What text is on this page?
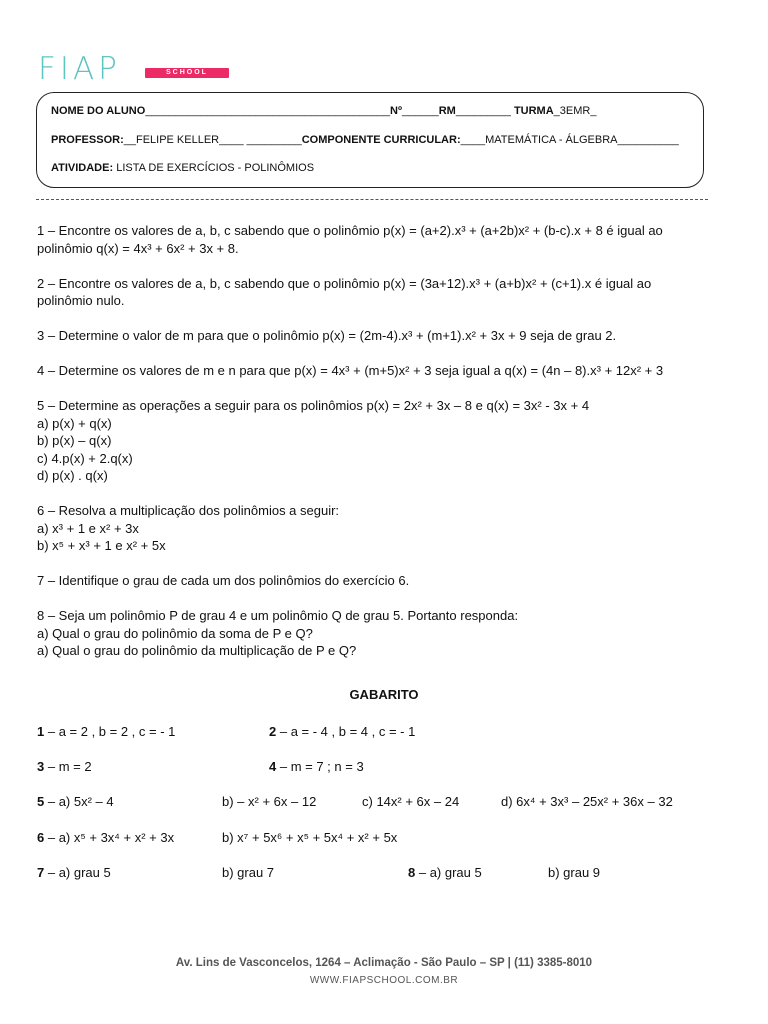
FIAP	SCHOOL
NOME DO ALUNO________________________________________Nº______RM_________ TURMA_3EMR_
PROFESSOR:__FELIPE KELLER____ _________COMPONENTE CURRICULAR:____MATEMÁTICA - ÁLGEBRA__________
ATIVIDADE: LISTA DE EXERCÍCIOS - POLINÔMIOS

1 – Encontre os valores de a, b, c sabendo que o polinômio p(x) = (a+2).x³ + (a+2b)x² + (b-c).x + 8 é igual ao

polinômio q(x) = 4x³ + 6x² + 3x + 8.

2 – Encontre os valores de a, b, c sabendo que o polinômio p(x) = (3a+12).x³ + (a+b)x² + (c+1).x é igual ao

polinômio nulo.

3 – Determine o valor de m para que o polinômio p(x) = (2m-4).x³ + (m+1).x² + 3x + 9 seja de grau 2.

4 – Determine os valores de m e n para que p(x) = 4x³ + (m+5)x² + 3 seja igual a q(x) = (4n – 8).x³ + 12x² + 3

5 – Determine as operações a seguir para os polinômios p(x) = 2x² + 3x – 8 e q(x) = 3x² - 3x + 4

a) p(x) + q(x)

b) p(x) – q(x)

c) 4.p(x) + 2.q(x)

d) p(x) . q(x)

6 – Resolva a multiplicação dos polinômios a seguir:

a) x³ + 1 e x² + 3x

b) x⁵ + x³ + 1 e x² + 5x

7 – Identifique o grau de cada um dos polinômios do exercício 6.

8 – Seja um polinômio P de grau 4 e um polinômio Q de grau 5. Portanto responda:

a) Qual o grau do polinômio da soma de P e Q?

a) Qual o grau do polinômio da multiplicação de P e Q?

GABARITO
1 – a = 2 , b = 2 , c = - 1	2 – a = - 4 , b = 4 , c = - 1
3 – m = 2	4 – m = 7 ; n = 3
5 – a) 5x² – 4	b) – x² + 6x – 12	c) 14x² + 6x – 24	d) 6x⁴ + 3x³ – 25x² + 36x – 32
6 – a) x⁵ + 3x⁴ + x² + 3x	b) x⁷ + 5x⁶ + x⁵ + 5x⁴ + x² + 5x
7 – a) grau 5	b) grau 7	8 – a) grau 5	b) grau 9
Av. Lins de Vasconcelos, 1264 – Aclimação - São Paulo – SP | (11) 3385-8010
WWW.FIAPSCHOOL.COM.BR
